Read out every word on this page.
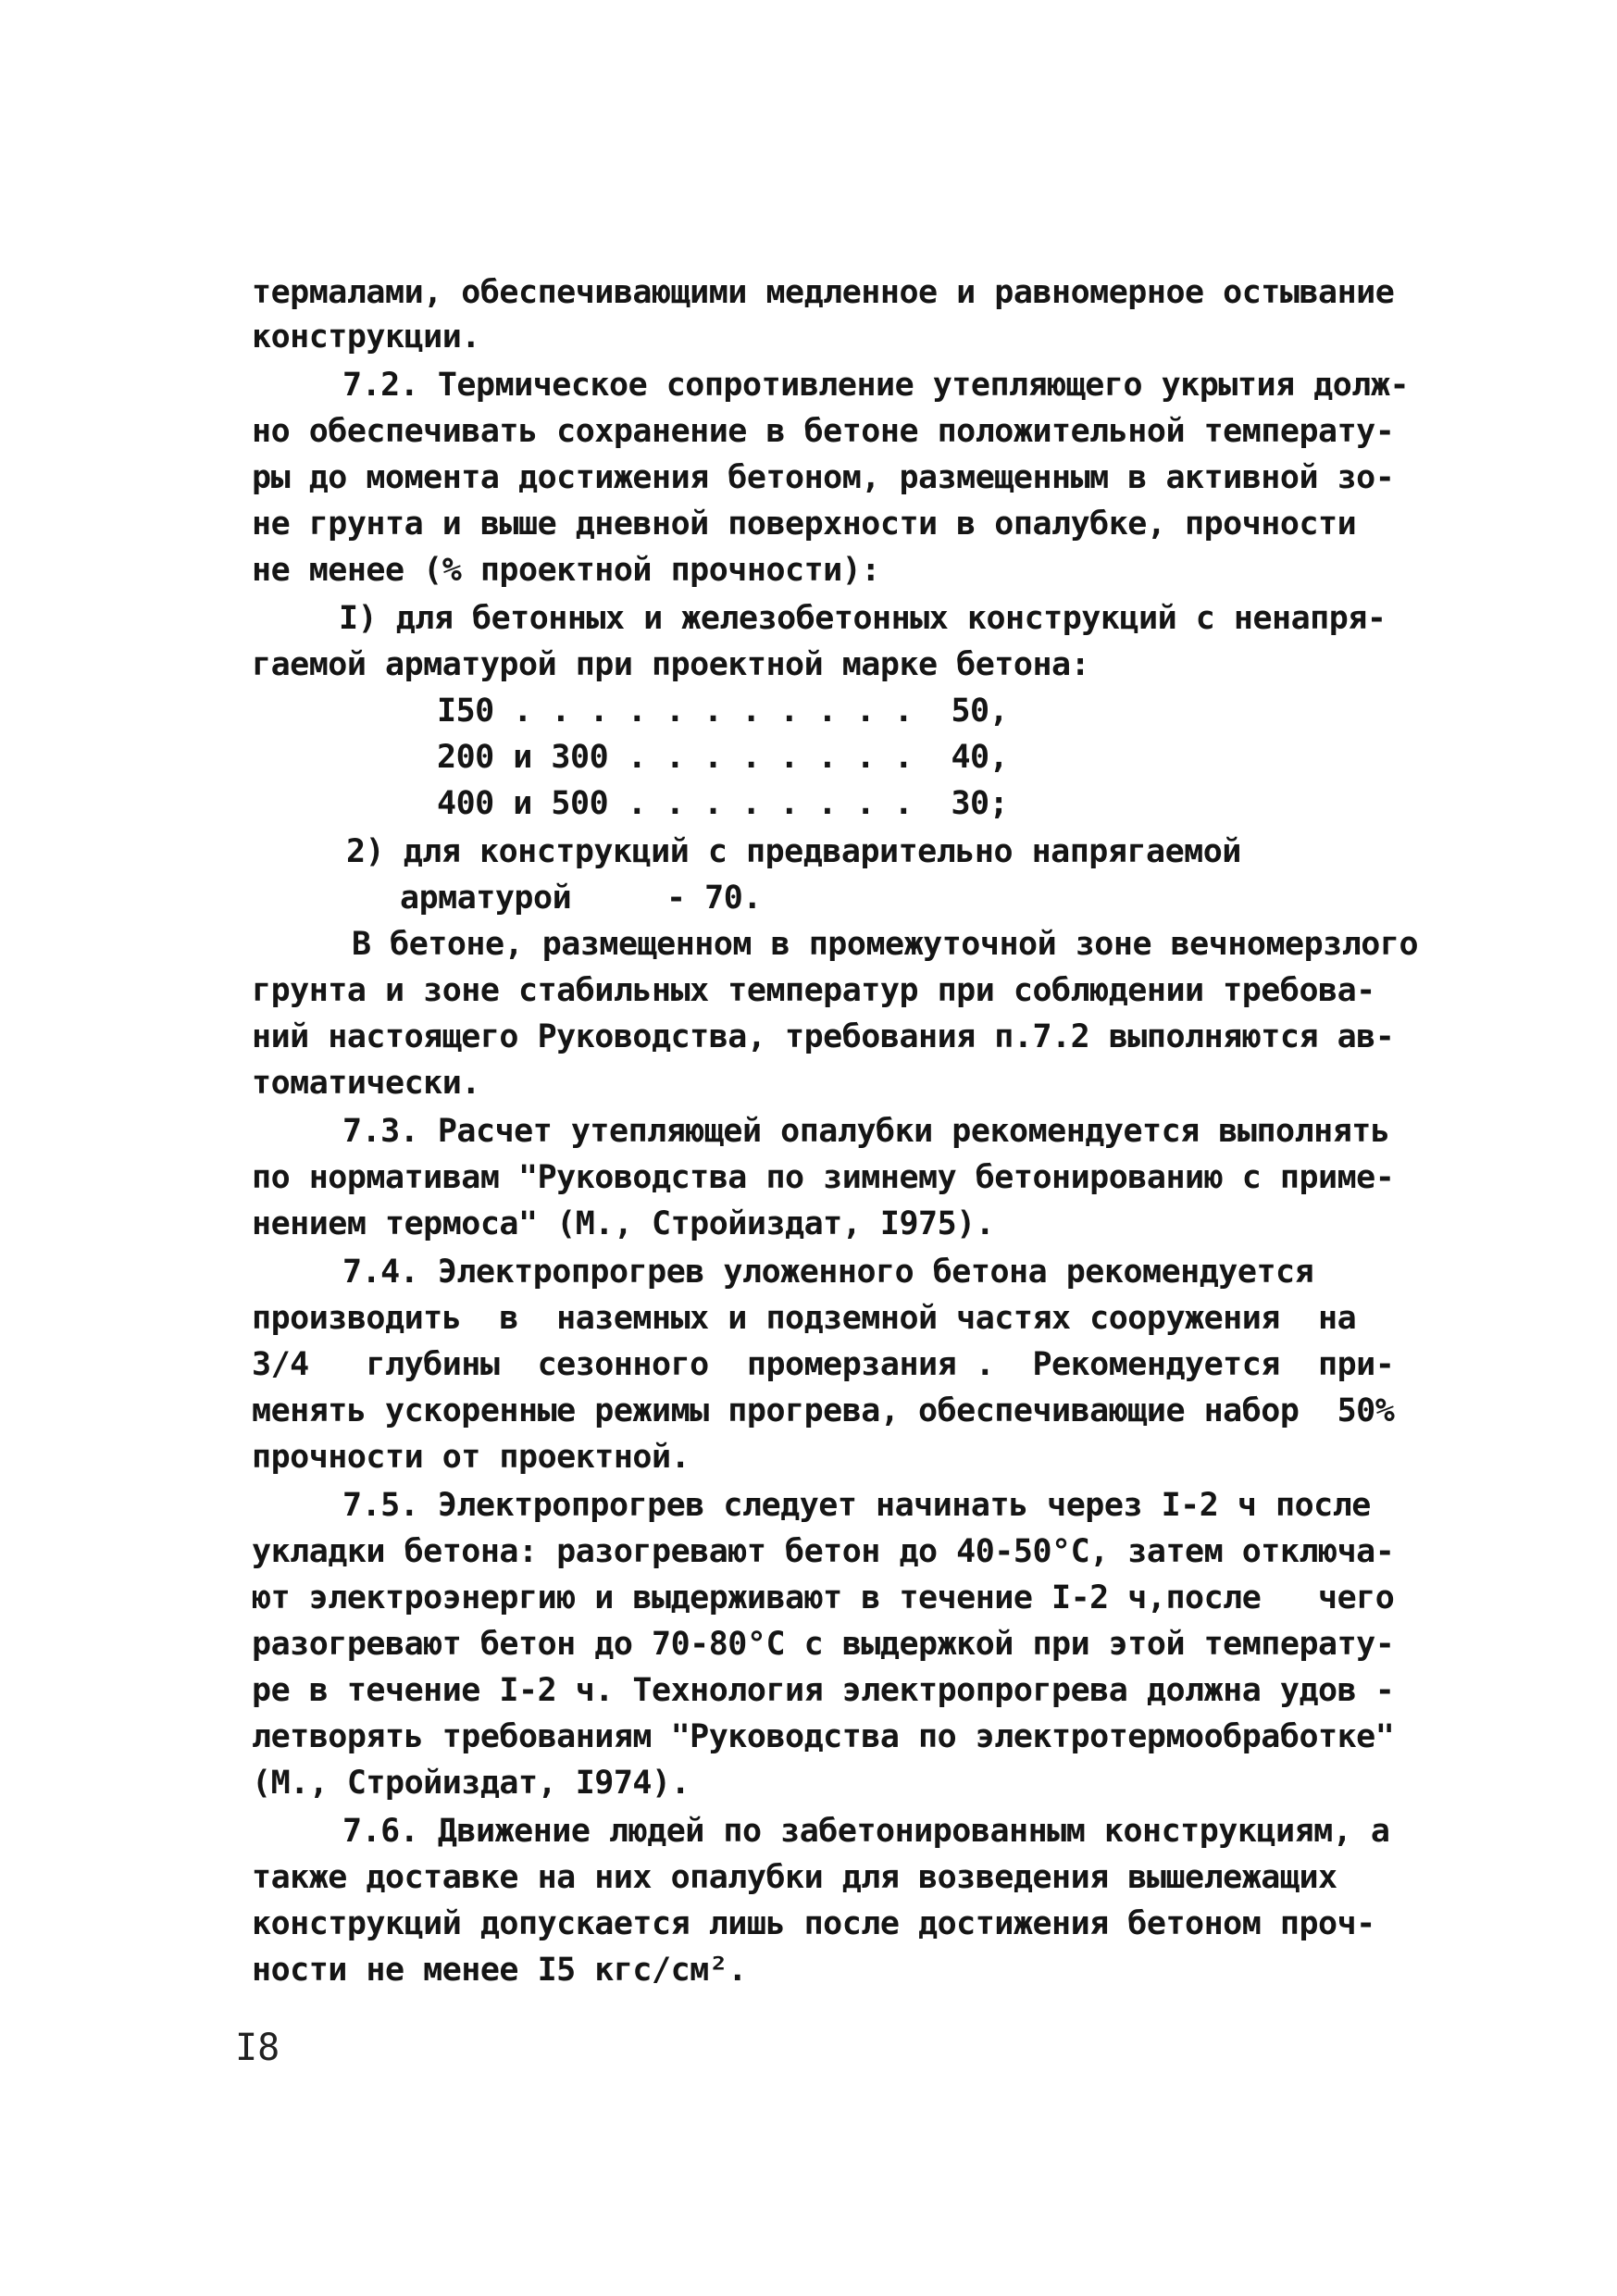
термалами, обеспечивающими медленное и равномерное остывание
конструкции.
7.2. Термическое сопротивление утепляющего укрытия долж-
но обеспечивать сохранение в бетоне положительной температу-
ры до момента достижения бетоном, размещенным в активной зо-
не грунта и выше дневной поверхности в опалубке, прочности
не менее (% проектной прочности):
I) для бетонных и железобетонных конструкций с ненапря-
гаемой арматурой при проектной марке бетона:
I50 . . . . . . . . . . .  50,
200 и 300 . . . . . . . .  40,
400 и 500 . . . . . . . .  30;
2) для конструкций с предварительно напрягаемой
арматурой     - 70.
В бетоне, размещенном в промежуточной зоне вечномерзлого
грунта и зоне стабильных температур при соблюдении требова-
ний настоящего Руководства, требования п.7.2 выполняются ав-
томатически.
7.3. Расчет утепляющей опалубки рекомендуется выполнять
по нормативам "Руководства по зимнему бетонированию с приме-
нением термоса" (М., Стройиздат, I975).
7.4. Электропрогрев уложенного бетона рекомендуется
производить  в  наземных и подземной частях сооружения  на
3/4   глубины  сезонного  промерзания .  Рекомендуется  при-
менять ускоренные режимы прогрева, обеспечивающие набор  50%
прочности от проектной.
7.5. Электропрогрев следует начинать через I-2 ч после
укладки бетона: разогревают бетон до 40-50°С, затем отключа-
ют электроэнергию и выдерживают в течение I-2 ч,после   чего
разогревают бетон до 70-80°С с выдержкой при этой температу-
ре в течение I-2 ч. Технология электропрогрева должна удов -
летворять требованиям "Руководства по электротермообработке"
(М., Стройиздат, I974).
7.6. Движение людей по забетонированным конструкциям, а
также доставке на них опалубки для возведения вышележащих
конструкций допускается лишь после достижения бетоном проч-
ности не менее I5 кгс/см².
I8
